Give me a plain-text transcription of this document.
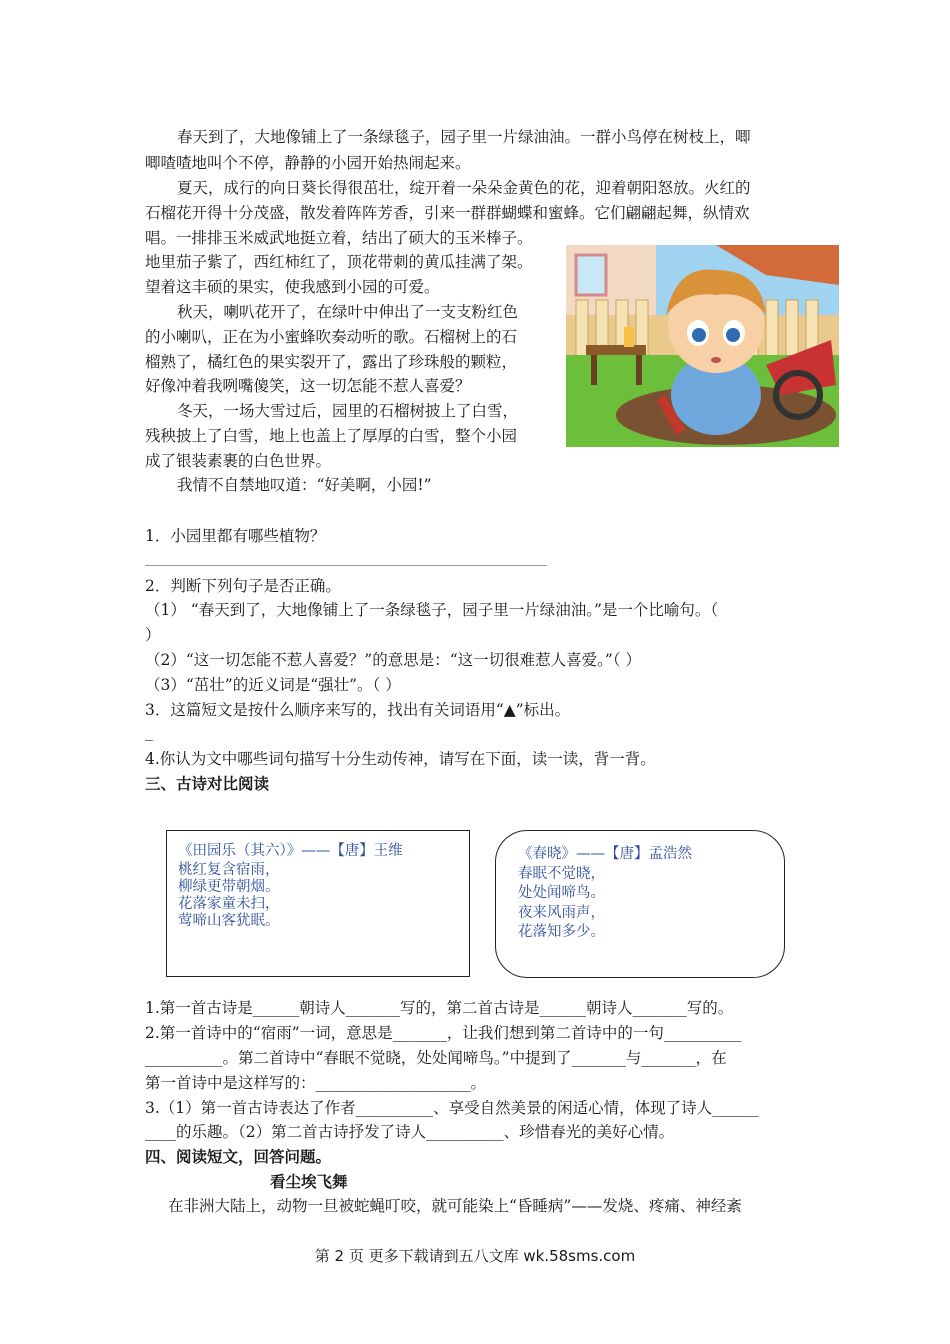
春天到了，大地像铺上了一条绿毯子，园子里一片绿油油。一群小鸟停在树枝上，唧
唧喳喳地叫个不停，静静的小园开始热闹起来。
夏天，成行的向日葵长得很茁壮，绽开着一朵朵金黄色的花，迎着朝阳怒放。火红的
石榴花开得十分茂盛，散发着阵阵芳香，引来一群群蝴蝶和蜜蜂。它们翩翩起舞，纵情欢
唱。一排排玉米威武地挺立着，结出了硕大的玉米棒子。
地里茄子紫了，西红柿红了，顶花带刺的黄瓜挂满了架。
望着这丰硕的果实，使我感到小园的可爱。
秋天，喇叭花开了，在绿叶中伸出了一支支粉红色
的小喇叭，正在为小蜜蜂吹奏动听的歌。石榴树上的石
榴熟了，橘红色的果实裂开了，露出了珍珠般的颗粒，
好像冲着我咧嘴傻笑，这一切怎能不惹人喜爱？
冬天，一场大雪过后，园里的石榴树披上了白雪，
残秧披上了白雪，地上也盖上了厚厚的白雪，整个小园
成了银装素裹的白色世界。
我情不自禁地叹道：“好美啊，小园!”
1．小园里都有哪些植物？
2．判断下列句子是否正确。
（1） “春天到了，大地像铺上了一条绿毯子，园子里一片绿油油。”是一个比喻句。（
）
（2）“这一切怎能不惹人喜爱？”的意思是：“这一切很难惹人喜爱。”（ ）
（3）“茁壮”的近义词是“强壮”。（ ）
3．这篇短文是按什么顺序来写的，找出有关词语用“▲”标出。
_
4.你认为文中哪些词句描写十分生动传神，请写在下面，读一读，背一背。
三、古诗对比阅读
《田园乐（其六）》——【唐】王维
桃红复含宿雨，
柳绿更带朝烟。
花落家童未扫，
莺啼山客犹眠。
《春晓》——【唐】孟浩然
春眠不觉晓，
处处闻啼鸟。
夜来风雨声，
花落知多少。
1.第一首古诗是______朝诗人_______写的，第二首古诗是______朝诗人_______写的。
2.第一首诗中的“宿雨”一词，意思是_______，让我们想到第二首诗中的一句__________
__________。第二首诗中“春眠不觉晓，处处闻啼鸟。”中提到了_______与_______，在
第一首诗中是这样写的：____________________。
3.（1）第一首古诗表达了作者__________、享受自然美景的闲适心情，体现了诗人______
____的乐趣。（2）第二首古诗抒发了诗人__________、珍惜春光的美好心情。
四、阅读短文，回答问题。
看尘埃飞舞
在非洲大陆上，动物一旦被蛇蝇叮咬，就可能染上“昏睡病”——发烧、疼痛、神经紊
第 2 页 更多下载请到五八文库 wk.58sms.com
